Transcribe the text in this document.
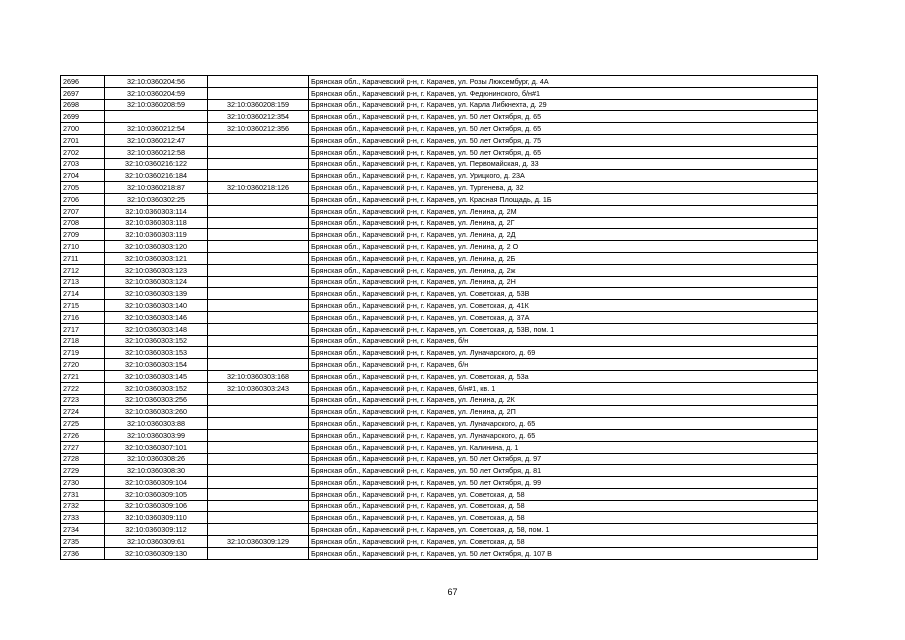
2696	32:10:0360204:56		Брянская обл., Карачевский р-н, г. Карачев, ул. Розы Люксембург, д. 4А
2697	32:10:0360204:59		Брянская обл., Карачевский р-н, г. Карачев, ул. Федюнинского, б/н#1
2698	32:10:0360208:59	32:10:0360208:159	Брянская обл., Карачевский р-н, г. Карачев, ул. Карла Либкнехта, д. 29
2699		32:10:0360212:354	Брянская обл., Карачевский р-н, г. Карачев, ул. 50 лет Октября, д. 65
2700	32:10:0360212:54	32:10:0360212:356	Брянская обл., Карачевский р-н, г. Карачев, ул. 50 лет Октября, д. 65
2701	32:10:0360212:47		Брянская обл., Карачевский р-н, г. Карачев, ул. 50 лет Октября, д. 75
2702	32:10:0360212:58		Брянская обл., Карачевский р-н, г. Карачев, ул. 50 лет Октября, д. 65
2703	32:10:0360216:122		Брянская обл., Карачевский р-н, г. Карачев, ул. Первомайская, д. 33
2704	32:10:0360216:184		Брянская обл., Карачевский р-н, г. Карачев, ул. Урицкого, д. 23А
2705	32:10:0360218:87	32:10:0360218:126	Брянская обл., Карачевский р-н, г. Карачев, ул. Тургенева, д. 32
2706	32:10:0360302:25		Брянская обл., Карачевский р-н, г. Карачев, ул. Красная Площадь, д. 1Б
2707	32:10:0360303:114		Брянская обл., Карачевский р-н, г. Карачев, ул. Ленина, д. 2М
2708	32:10:0360303:118		Брянская обл., Карачевский р-н, г. Карачев, ул. Ленина, д. 2Г
2709	32:10:0360303:119		Брянская обл., Карачевский р-н, г. Карачев, ул. Ленина, д. 2Д
2710	32:10:0360303:120		Брянская обл., Карачевский р-н, г. Карачев, ул. Ленина, д. 2 О
2711	32:10:0360303:121		Брянская обл., Карачевский р-н, г. Карачев, ул. Ленина, д. 2Б
2712	32:10:0360303:123		Брянская обл., Карачевский р-н, г. Карачев, ул. Ленина, д. 2ж
2713	32:10:0360303:124		Брянская обл., Карачевский р-н, г. Карачев, ул. Ленина, д. 2Н
2714	32:10:0360303:139		Брянская обл., Карачевский р-н, г. Карачев, ул. Советская, д. 53В
2715	32:10:0360303:140		Брянская обл., Карачевский р-н, г. Карачев, ул. Советская, д. 41К
2716	32:10:0360303:146		Брянская обл., Карачевский р-н, г. Карачев, ул. Советская, д. 37А
2717	32:10:0360303:148		Брянская обл., Карачевский р-н, г. Карачев, ул. Советская, д. 53В, пом. 1
2718	32:10:0360303:152		Брянская обл., Карачевский р-н, г. Карачев, б/н
2719	32:10:0360303:153		Брянская обл., Карачевский р-н, г. Карачев, ул. Луначарского, д. 69
2720	32:10:0360303:154		Брянская обл., Карачевский р-н, г. Карачев, б/н
2721	32:10:0360303:145	32:10:0360303:168	Брянская обл., Карачевский р-н, г. Карачев, ул. Советская, д. 53а
2722	32:10:0360303:152	32:10:0360303:243	Брянская обл., Карачевский р-н, г. Карачев, б/н#1, кв. 1
2723	32:10:0360303:256		Брянская обл., Карачевский р-н, г. Карачев, ул. Ленина, д. 2К
2724	32:10:0360303:260		Брянская обл., Карачевский р-н, г. Карачев, ул. Ленина, д. 2П
2725	32:10:0360303:88		Брянская обл., Карачевский р-н, г. Карачев, ул. Луначарского, д. 65
2726	32:10:0360303:99		Брянская обл., Карачевский р-н, г. Карачев, ул. Луначарского, д. 65
2727	32:10:0360307:101		Брянская обл., Карачевский р-н, г. Карачев, ул. Калинина, д. 1
2728	32:10:0360308:26		Брянская обл., Карачевский р-н, г. Карачев, ул. 50 лет Октября, д. 97
2729	32:10:0360308:30		Брянская обл., Карачевский р-н, г. Карачев, ул. 50 лет Октября, д. 81
2730	32:10:0360309:104		Брянская обл., Карачевский р-н, г. Карачев, ул. 50 лет Октября, д. 99
2731	32:10:0360309:105		Брянская обл., Карачевский р-н, г. Карачев, ул. Советская, д. 58
2732	32:10:0360309:106		Брянская обл., Карачевский р-н, г. Карачев, ул. Советская, д. 58
2733	32:10:0360309:110		Брянская обл., Карачевский р-н, г. Карачев, ул. Советская, д. 58
2734	32:10:0360309:112		Брянская обл., Карачевский р-н, г. Карачев, ул. Советская, д. 58, пом. 1
2735	32:10:0360309:61	32:10:0360309:129	Брянская обл., Карачевский р-н, г. Карачев, ул. Советская, д. 58
2736	32:10:0360309:130		Брянская обл., Карачевский р-н, г. Карачев, ул. 50 лет Октября, д. 107 В
67
